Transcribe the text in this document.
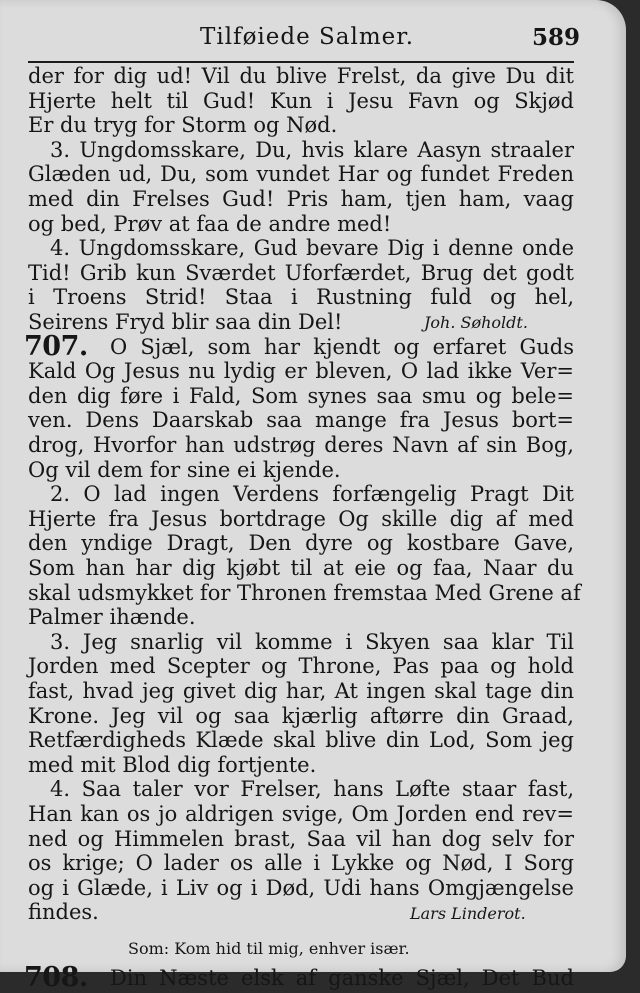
Tilføiede Salmer.	589
der for dig ud! Vil du blive Frelst, da give Du dit
Hjerte helt til Gud! Kun i Jesu Favn og Skjød
Er du tryg for Storm og Nød.
3. Ungdomsskare, Du, hvis klare Aasyn straaler
Glæden ud, Du, som vundet Har og fundet Freden
med din Frelses Gud! Pris ham, tjen ham, vaag
og bed, Prøv at faa de andre med!
4. Ungdomsskare, Gud bevare Dig i denne onde
Tid! Grib kun Sværdet Uforfærdet, Brug det godt
i Troens Strid! Staa i Rustning fuld og hel,
Seirens Fryd blir saa din Del!	Joh. Søholdt.
707. O Sjæl, som har kjendt og erfaret Guds
Kald Og Jesus nu lydig er bleven, O lad ikke Ver=
den dig føre i Fald, Som synes saa smu og bele=
ven. Dens Daarskab saa mange fra Jesus bort=
drog, Hvorfor han udstrøg deres Navn af sin Bog,
Og vil dem for sine ei kjende.
2. O lad ingen Verdens forfængelig Pragt Dit
Hjerte fra Jesus bortdrage Og skille dig af med
den yndige Dragt, Den dyre og kostbare Gave,
Som han har dig kjøbt til at eie og faa, Naar du
skal udsmykket for Thronen fremstaa Med Grene af
Palmer ihænde.
3. Jeg snarlig vil komme i Skyen saa klar Til
Jorden med Scepter og Throne, Pas paa og hold
fast, hvad jeg givet dig har, At ingen skal tage din
Krone. Jeg vil og saa kjærlig aftørre din Graad,
Retfærdigheds Klæde skal blive din Lod, Som jeg
med mit Blod dig fortjente.
4. Saa taler vor Frelser, hans Løfte staar fast,
Han kan os jo aldrigen svige, Om Jorden end rev=
ned og Himmelen brast, Saa vil han dog selv for
os krige; O lader os alle i Lykke og Nød, I Sorg
og i Glæde, i Liv og i Død, Udi hans Omgjængelse
findes.	Lars Linderot.
Som: Kom hid til mig, enhver især.
708. Din Næste elsk af ganske Sjæl, Det Bud
